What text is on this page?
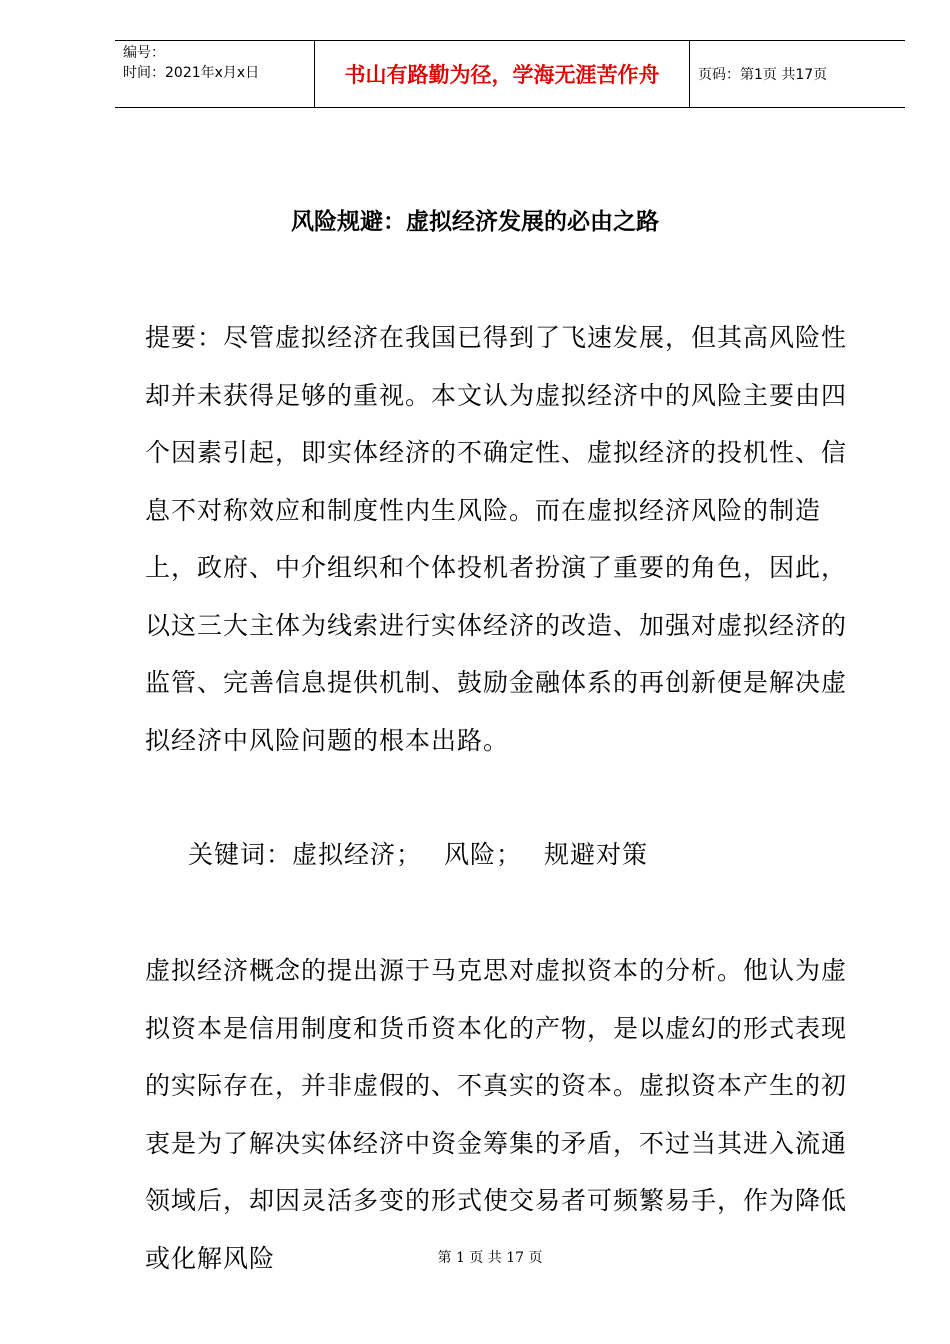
编号：
时间：2021年x月x日	书山有路勤为径，学海无涯苦作舟	页码：第1页 共17页
风险规避：虚拟经济发展的必由之路

提要：尽管虚拟经济在我国已得到了飞速发展，但其高风险性却并未获得足够的重视。本文认为虚拟经济中的风险主要由四个因素引起，即实体经济的不确定性、虚拟经济的投机性、信息不对称效应和制度性内生风险。而在虚拟经济风险的制造上，政府、中介组织和个体投机者扮演了重要的角色，因此，以这三大主体为线索进行实体经济的改造、加强对虚拟经济的监管、完善信息提供机制、鼓励金融体系的再创新便是解决虚拟经济中风险问题的根本出路。

关键词：虚拟经济； 风险； 规避对策

虚拟经济概念的提出源于马克思对虚拟资本的分析。他认为虚拟资本是信用制度和货币资本化的产物，是以虚幻的形式表现的实际存在，并非虚假的、不真实的资本。虚拟资本产生的初衷是为了解决实体经济中资金筹集的矛盾，不过当其进入流通领域后，却因灵活多变的形式使交易者可频繁易手，作为降低或化解风险	第 1 页 共 17 页
